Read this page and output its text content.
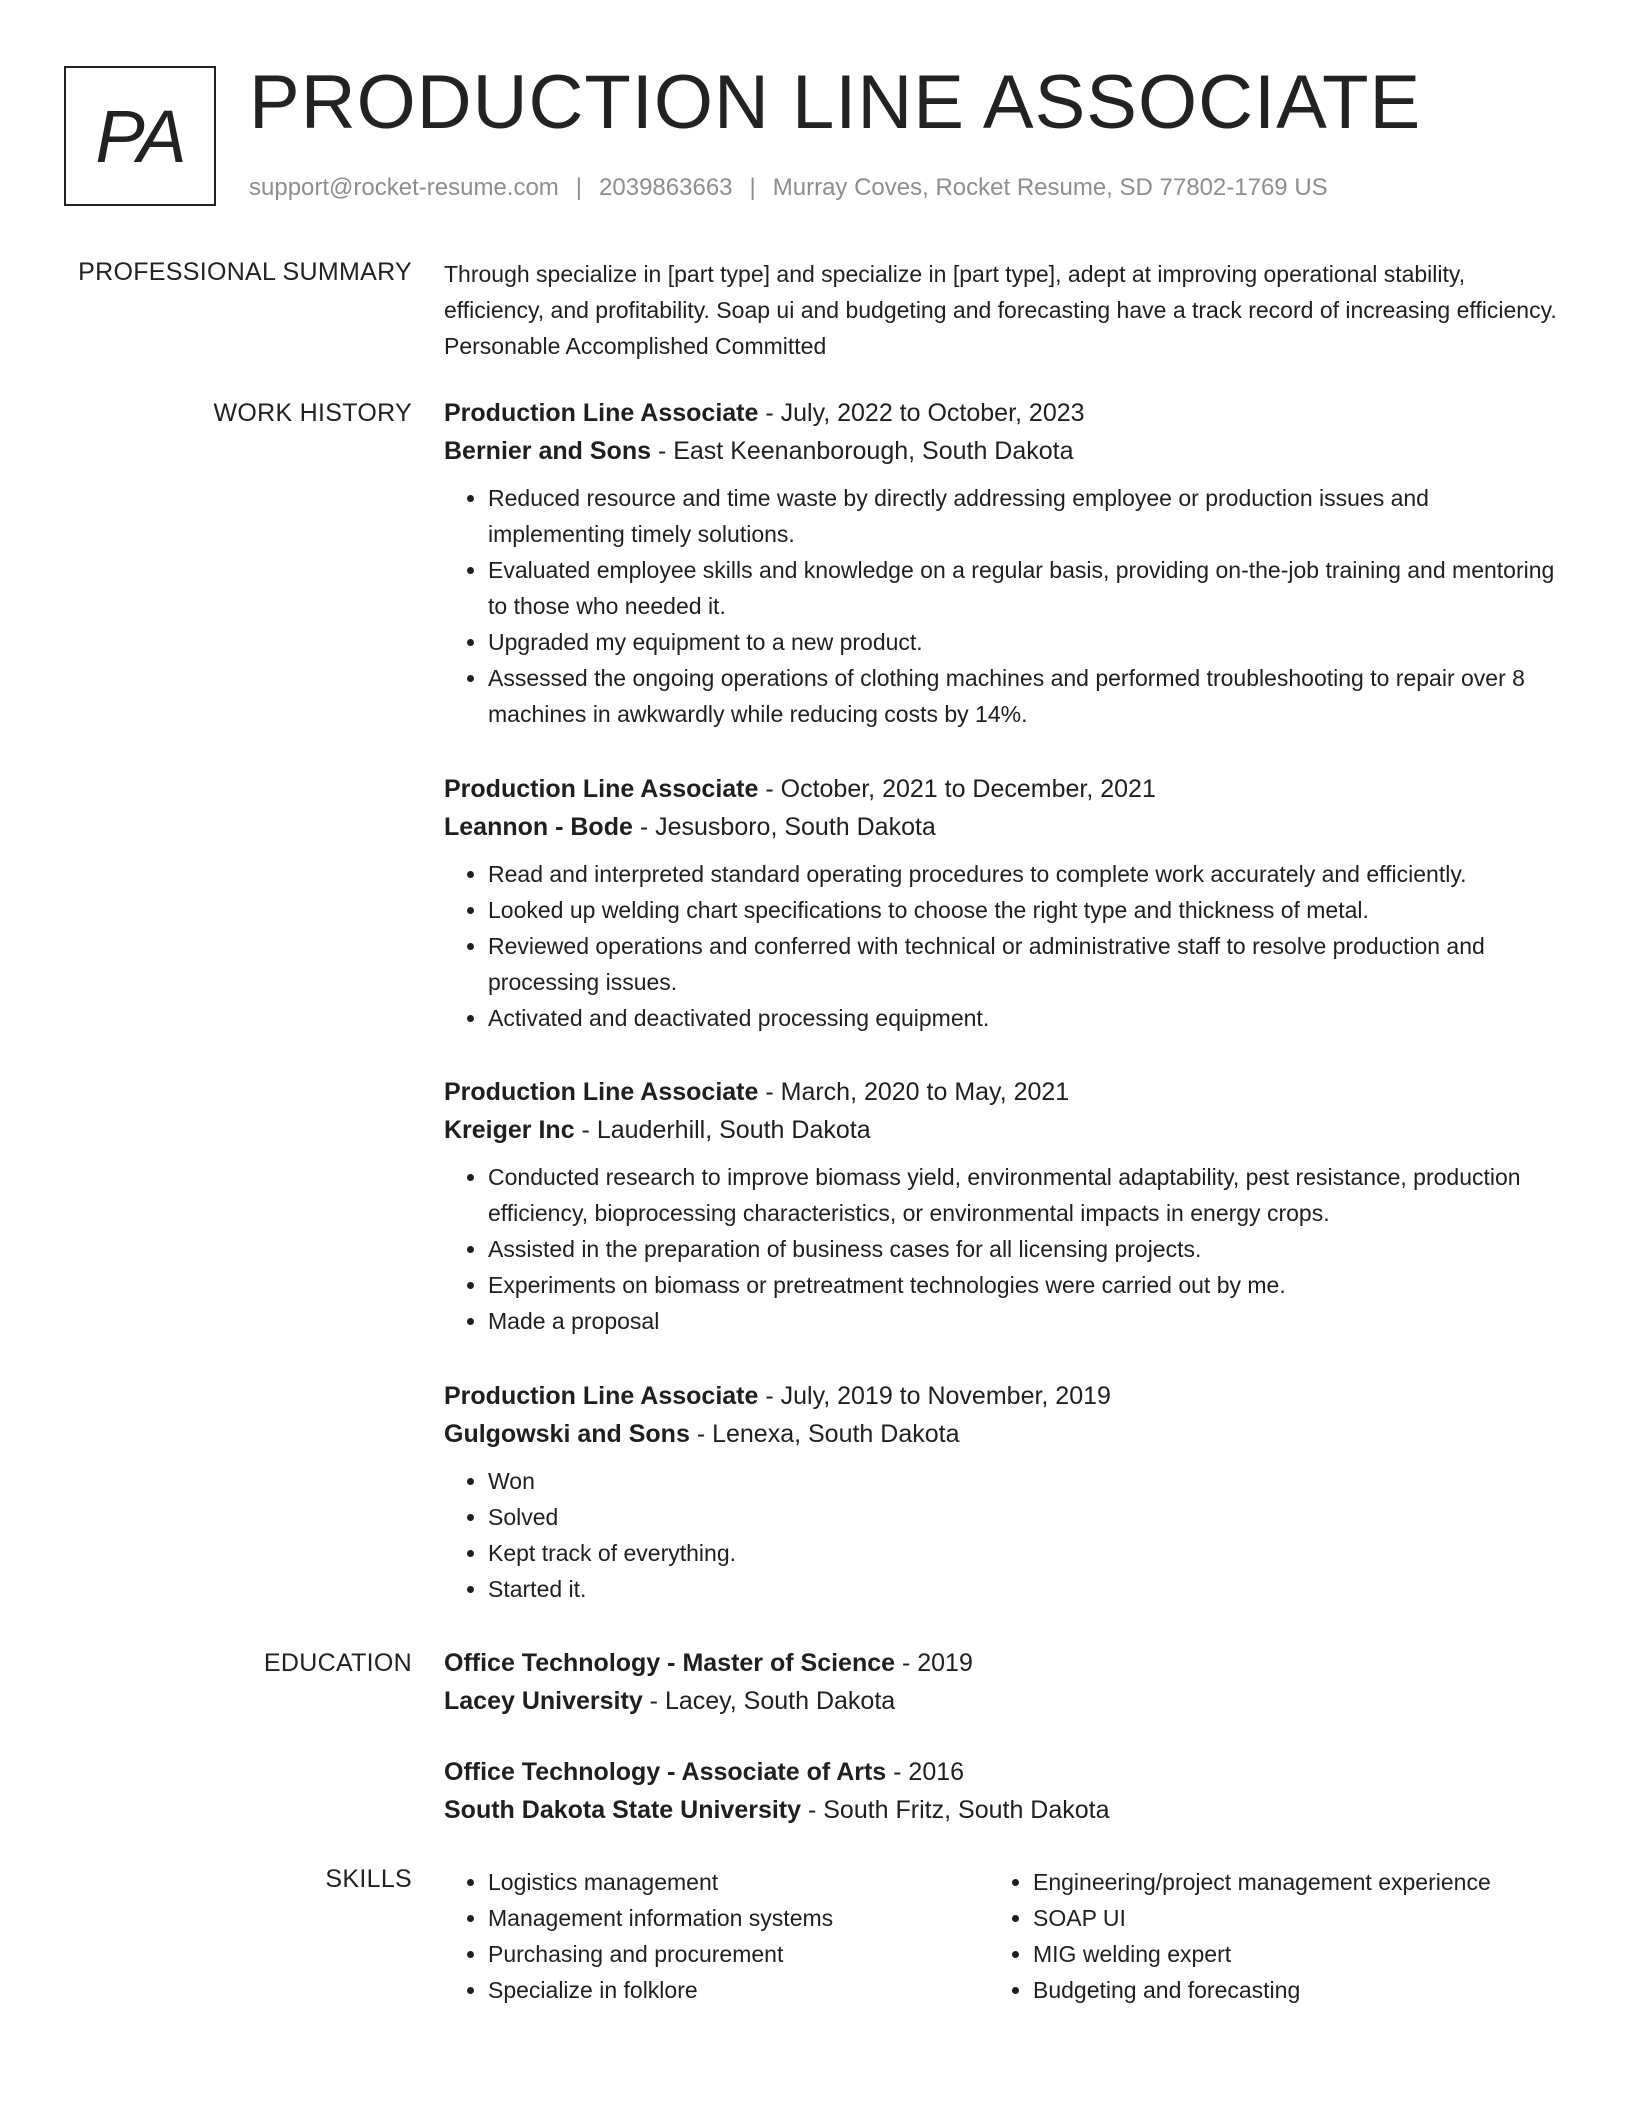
PA PRODUCTION LINE ASSOCIATE
support@rocket-resume.com | 2039863663 | Murray Coves, Rocket Resume, SD 77802-1769 US
PROFESSIONAL SUMMARY Through specialize in [part type] and specialize in [part type], adept at improving operational stability, efficiency, and profitability. Soap ui and budgeting and forecasting have a track record of increasing efficiency. Personable Accomplished Committed
WORK HISTORY Production Line Associate - July, 2022 to October, 2023
Bernier and Sons - East Keenanborough, South Dakota
• Reduced resource and time waste by directly addressing employee or production issues and implementing timely solutions.
• Evaluated employee skills and knowledge on a regular basis, providing on-the-job training and mentoring to those who needed it.
• Upgraded my equipment to a new product.
• Assessed the ongoing operations of clothing machines and performed troubleshooting to repair over 8 machines in awkwardly while reducing costs by 14%.
Production Line Associate - October, 2021 to December, 2021
Leannon - Bode - Jesusboro, South Dakota
• Read and interpreted standard operating procedures to complete work accurately and efficiently.
• Looked up welding chart specifications to choose the right type and thickness of metal.
• Reviewed operations and conferred with technical or administrative staff to resolve production and processing issues.
• Activated and deactivated processing equipment.
Production Line Associate - March, 2020 to May, 2021
Kreiger Inc - Lauderhill, South Dakota
• Conducted research to improve biomass yield, environmental adaptability, pest resistance, production efficiency, bioprocessing characteristics, or environmental impacts in energy crops.
• Assisted in the preparation of business cases for all licensing projects.
• Experiments on biomass or pretreatment technologies were carried out by me.
• Made a proposal
Production Line Associate - July, 2019 to November, 2019
Gulgowski and Sons - Lenexa, South Dakota
• Won
• Solved
• Kept track of everything.
• Started it.
EDUCATION Office Technology - Master of Science - 2019
Lacey University - Lacey, South Dakota
Office Technology - Associate of Arts - 2016
South Dakota State University - South Fritz, South Dakota
SKILLS
•	Logistics management
• Management information systems
• Purchasing and procurement
• Specialize in folklore
• Engineering/project management experience
• SOAP UI
• MIG welding expert
• Budgeting and forecasting
